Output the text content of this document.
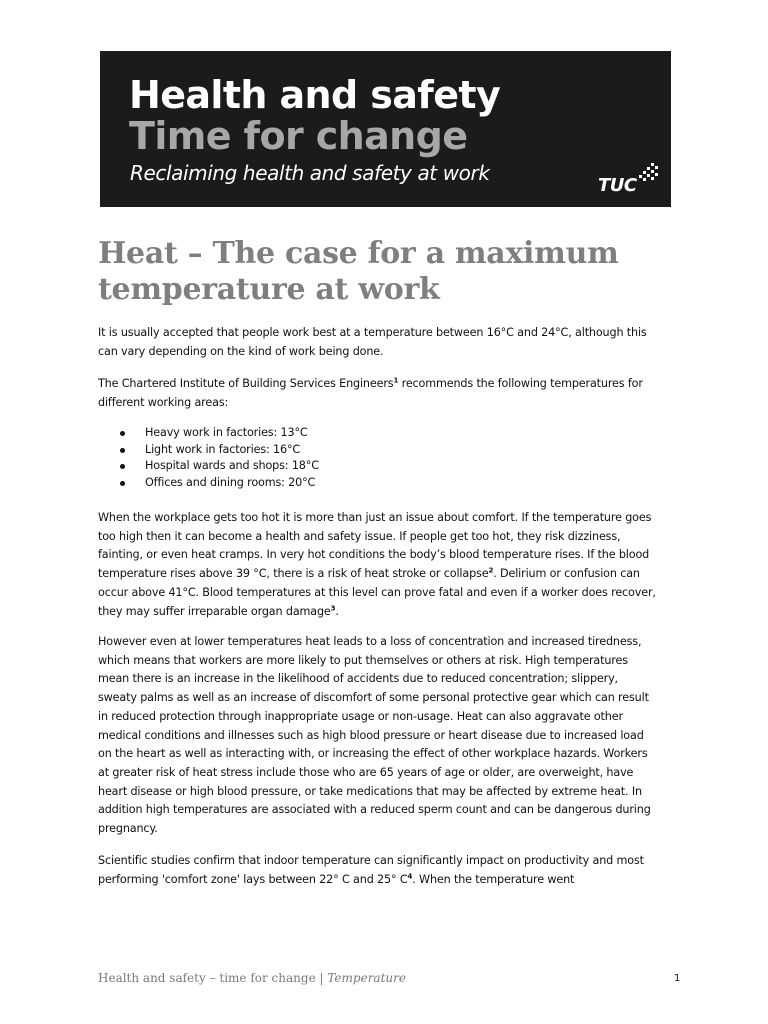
Health and safety
Time for change
Reclaiming health and safety at work
TUC
Heat – The case for a maximum temperature at work

It is usually accepted that people work best at a temperature between 16°C and 24°C, although this can vary depending on the kind of work being done.

The Chartered Institute of Building Services Engineers$^1$ recommends the following temperatures for different working areas:

Heavy work in factories: 13°C
Light work in factories: 16°C
Hospital wards and shops: 18°C
Offices and dining rooms: 20°C

When the workplace gets too hot it is more than just an issue about comfort. If the temperature goes too high then it can become a health and safety issue. If people get too hot, they risk dizziness, fainting, or even heat cramps. In very hot conditions the body’s blood temperature rises. If the blood temperature rises above 39 °C, there is a risk of heat stroke or collapse$^2$. Delirium or confusion can occur above 41°C. Blood temperatures at this level can prove fatal and even if a worker does recover, they may suffer irreparable organ damage$^3$.

However even at lower temperatures heat leads to a loss of concentration and increased tiredness, which means that workers are more likely to put themselves or others at risk. High temperatures mean there is an increase in the likelihood of accidents due to reduced concentration; slippery, sweaty palms as well as an increase of discomfort of some personal protective gear which can result in reduced protection through inappropriate usage or non-usage. Heat can also aggravate other medical conditions and illnesses such as high blood pressure or heart disease due to increased load on the heart as well as interacting with, or increasing the effect of other workplace hazards. Workers at greater risk of heat stress include those who are 65 years of age or older, are overweight, have heart disease or high blood pressure, or take medications that may be affected by extreme heat. In addition high temperatures are associated with a reduced sperm count and can be dangerous during pregnancy.

Scientific studies confirm that indoor temperature can significantly impact on productivity and most performing 'comfort zone' lays between 22° C and 25° $C^4$. When the temperature went

Health and safety – time for change | Temperature	1
